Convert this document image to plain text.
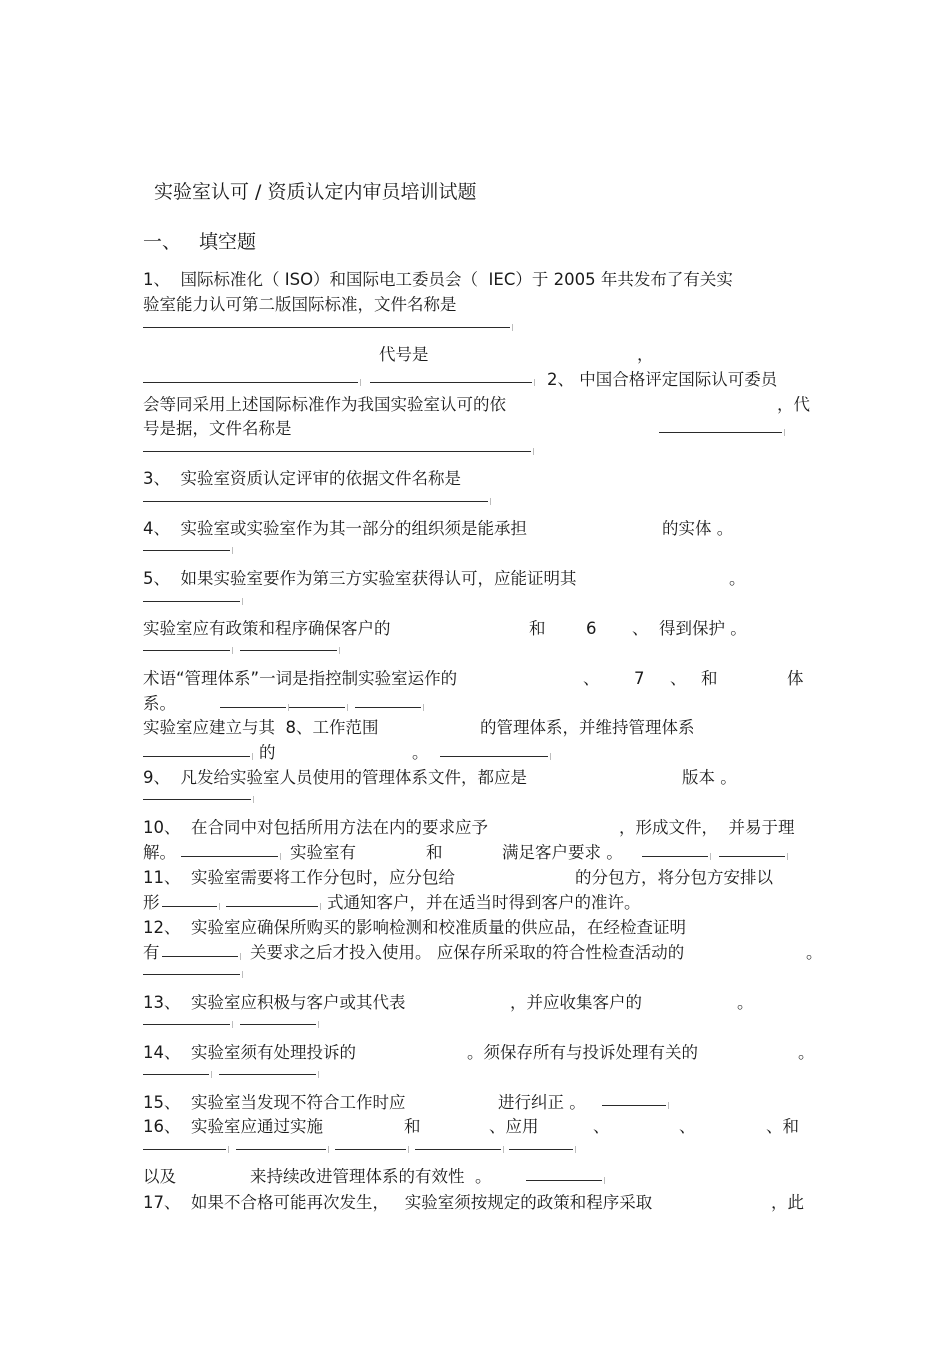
实验室认可 / 资质认定内审员培训试题
一、 填空题
1、  国际标准化（ ISO）和国际电工委员会（  IEC）于 2005 年共发布了有关实
验室能力认可第二版国际标准，文件名称是
代号是	，
2、 中国合格评定国际认可委员
会等同采用上述国际标准作为我国实验室认可的依	，代
号是据，文件名称是
3、  实验室资质认定评审的依据文件名称是
4、  实验室或实验室作为其一部分的组织须是能承担	的实体 。
5、  如果实验室要作为第三方实验室获得认可，应能证明其	。
实验室应有政策和程序确保客户的	和 6 、  得到保护 。
术语“管理体系”一词是指控制实验室运作的	、 7 、 和	体
系。
实验室应建立与其  8、工作范围	的管理体系，并维持管理体系
的	。
9、  凡发给实验室人员使用的管理体系文件，都应是	版本 。
10、  在合同中对包括所用方法在内的要求应予	，形成文件，  并易于理
解。	实验室有	和	满足客户要求 。
11、  实验室需要将工作分包时，应分包给	的分包方，将分包方安排以
形	式通知客户，并在适当时得到客户的准许。
12、  实验室应确保所购买的影响检测和校准质量的供应品，在经检查证明
有	关要求之后才投入使用。 应保存所采取的符合性检查活动的	。
13、  实验室应积极与客户或其代表	，并应收集客户的	。
14、  实验室须有处理投诉的	。须保存所有与投诉处理有关的	。
15、  实验室当发现不符合工作时应	进行纠正 。
16、  实验室应通过实施	和	、应用	、	、	、和
以及	来持续改进管理体系的有效性  。
17、  如果不合格可能再次发生，   实验室须按规定的政策和程序采取	，此
